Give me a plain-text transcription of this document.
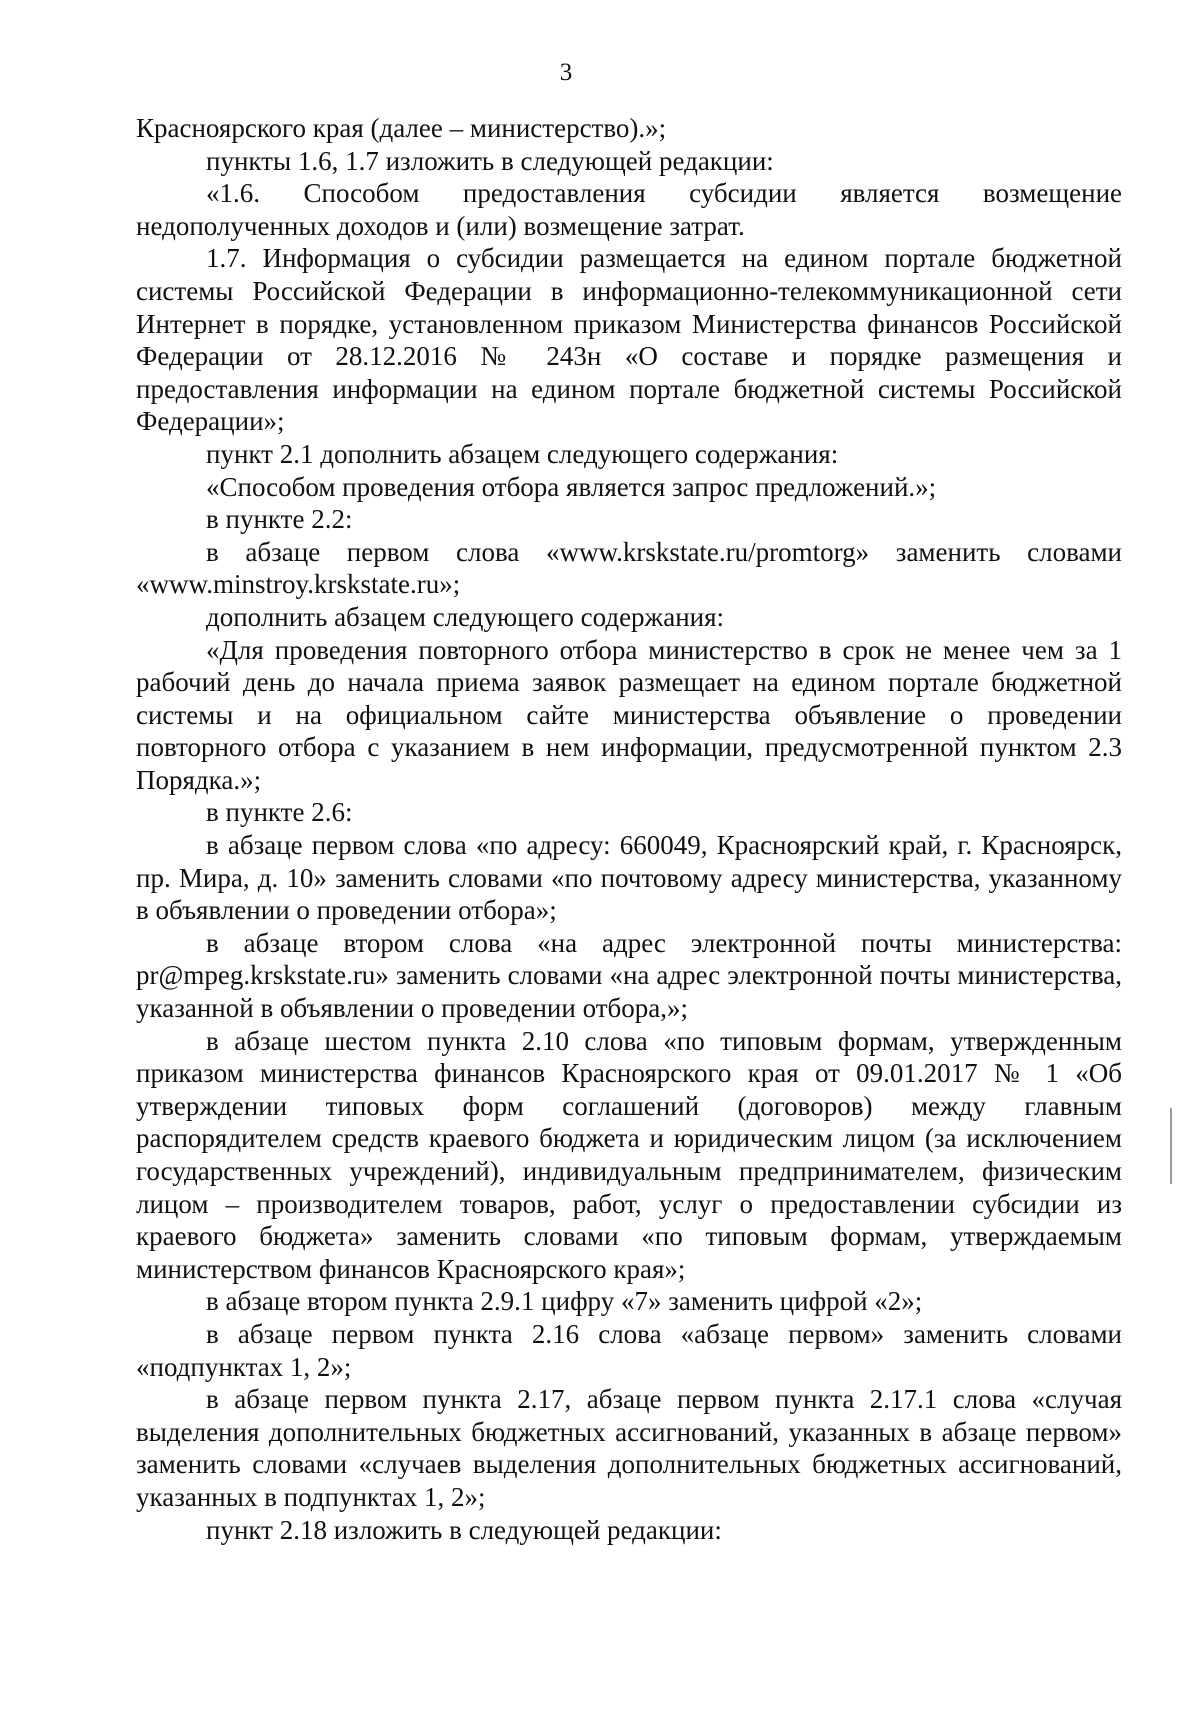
3

Красноярского края (далее – министерство).»;

пункты 1.6, 1.7 изложить в следующей редакции:

«1.6. Способом предоставления субсидии является возмещение недополученных доходов и (или) возмещение затрат.

1.7. Информация о субсидии размещается на едином портале бюджетной системы Российской Федерации в информационно-телекоммуникационной сети Интернет в порядке, установленном приказом Министерства финансов Российской Федерации от 28.12.2016 № 243н «О составе и порядке размещения и предоставления информации на едином портале бюджетной системы Российской Федерации»;

пункт 2.1 дополнить абзацем следующего содержания:

«Способом проведения отбора является запрос предложений.»;

в пункте 2.2:

в абзаце первом слова «www.krskstate.ru/promtorg» заменить словами «www.minstroy.krskstate.ru»;

дополнить абзацем следующего содержания:

«Для проведения повторного отбора министерство в срок не менее чем за 1 рабочий день до начала приема заявок размещает на едином портале бюджетной системы и на официальном сайте министерства объявление о проведении повторного отбора с указанием в нем информации, предусмотренной пунктом 2.3 Порядка.»;

в пункте 2.6:

в абзаце первом слова «по адресу: 660049, Красноярский край, г. Красноярск, пр. Мира, д. 10» заменить словами «по почтовому адресу министерства, указанному в объявлении о проведении отбора»;

в абзаце втором слова «на адрес электронной почты министерства: pr@mpeg.krskstate.ru» заменить словами «на адрес электронной почты министерства, указанной в объявлении о проведении отбора,»;

в абзаце шестом пункта 2.10 слова «по типовым формам, утвержденным приказом министерства финансов Красноярского края от 09.01.2017 № 1 «Об утверждении типовых форм соглашений (договоров) между главным распорядителем средств краевого бюджета и юридическим лицом (за исключением государственных учреждений), индивидуальным предпринимателем, физическим лицом – производителем товаров, работ, услуг о предоставлении субсидии из краевого бюджета» заменить словами «по типовым формам, утверждаемым министерством финансов Красноярского края»;

в абзаце втором пункта 2.9.1 цифру «7» заменить цифрой «2»;

в абзаце первом пункта 2.16 слова «абзаце первом» заменить словами «подпунктах 1, 2»;

в абзаце первом пункта 2.17, абзаце первом пункта 2.17.1 слова «случая выделения дополнительных бюджетных ассигнований, указанных в абзаце первом» заменить словами «случаев выделения дополнительных бюджетных ассигнований, указанных в подпунктах 1, 2»;

пункт 2.18 изложить в следующей редакции:
